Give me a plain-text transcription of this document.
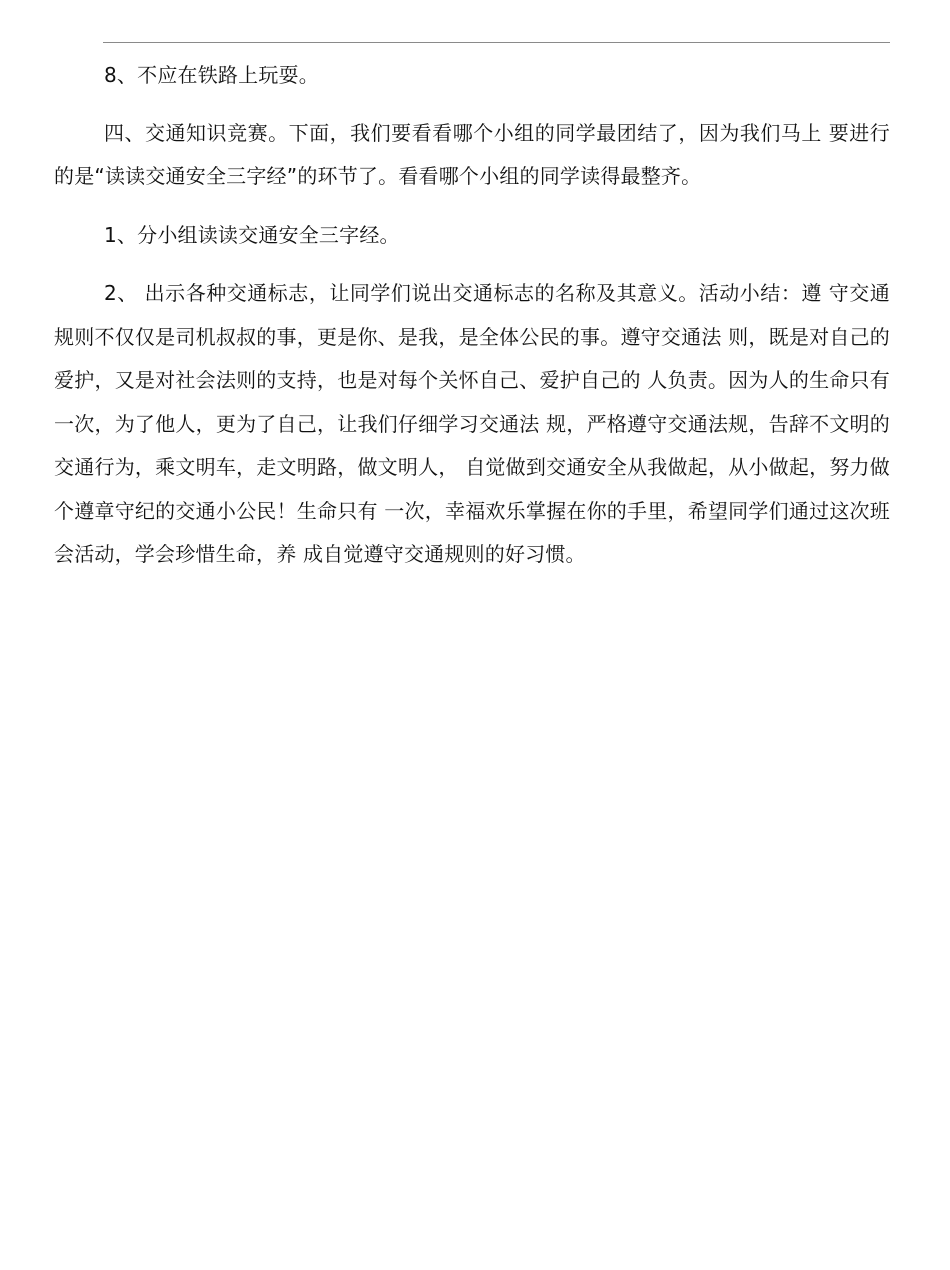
8、不应在铁路上玩耍。

四、交通知识竞赛。下面，我们要看看哪个小组的同学最团结了，因为我们马上 要进行的是“读读交通安全三字经”的环节了。看看哪个小组的同学读得最整齐。

1、分小组读读交通安全三字经。

2、 出示各种交通标志，让同学们说出交通标志的名称及其意义。活动小结：遵 守交通规则不仅仅是司机叔叔的事，更是你、是我，是全体公民的事。遵守交通法 则，既是对自己的爱护，又是对社会法则的支持，也是对每个关怀自己、爱护自己的 人负责。因为人的生命只有一次，为了他人，更为了自己，让我们仔细学习交通法 规，严格遵守交通法规，告辞不文明的交通行为，乘文明车，走文明路，做文明人， 自觉做到交通安全从我做起，从小做起，努力做个遵章守纪的交通小公民！生命只有 一次，幸福欢乐掌握在你的手里，希望同学们通过这次班会活动，学会珍惜生命，养 成自觉遵守交通规则的好习惯。
